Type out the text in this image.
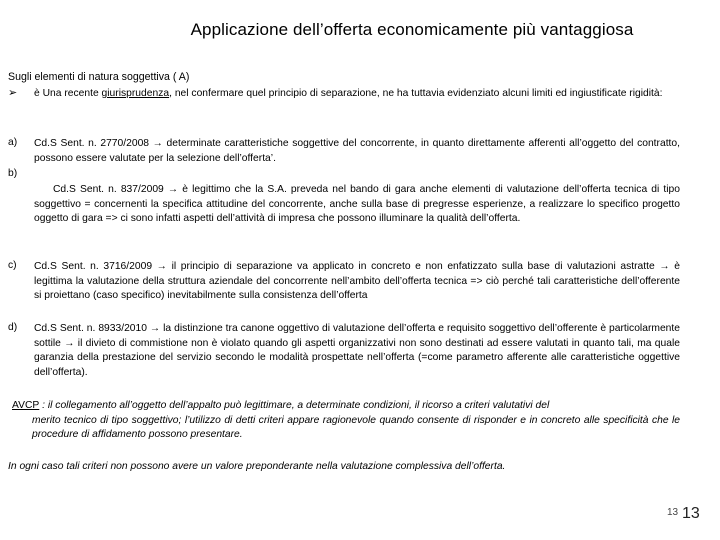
Applicazione dell’offerta economicamente più vantaggiosa
Sugli elementi di natura soggettiva ( A)
➢ è Una recente giurisprudenza, nel confermare quel principio di separazione, ne ha tuttavia evidenziato alcuni limiti ed ingiustificate rigidità:
a) Cd.S Sent. n. 2770/2008 → determinate caratteristiche soggettive del concorrente, in quanto direttamente afferenti all’oggetto del contratto, possono essere valutate per la selezione dell’offerta’.
b)
Cd.S Sent. n. 837/2009 → è legittimo che la S.A. preveda nel bando di gara anche elementi di valutazione dell’offerta tecnica di tipo soggettivo = concernenti la specifica attitudine del concorrente, anche sulla base di pregresse esperienze, a realizzare lo specifico progetto oggetto di gara => ci sono infatti aspetti dell’attività di impresa che possono illuminare la qualità dell’offerta.
c) Cd.S Sent. n. 3716/2009 → il principio di separazione va applicato in concreto e non enfatizzato sulla base di valutazioni astratte → è legittima la valutazione della struttura aziendale del concorrente nell’ambito dell’offerta tecnica => ciò perché tali caratteristiche dell’offerente si proiettano (caso specifico) inevitabilmente sulla consistenza dell’offerta
d) Cd.S Sent. n. 8933/2010 → la distinzione tra canone oggettivo di valutazione dell’offerta e requisito soggettivo dell’offerente è particolarmente sottile → il divieto di commistione non è violato quando gli aspetti organizzativi non sono destinati ad essere valutati in quanto tali, ma quale garanzia della prestazione del servizio secondo le modalità prospettate nell’offerta (=come parametro afferente alle caratteristiche oggettive dell’offerta).
AVCP : il collegamento all’oggetto dell’appalto può legittimare, a determinate condizioni, il ricorso a criteri valutativi del
merito tecnico di tipo soggettivo; l’utilizzo di detti criteri appare ragionevole quando consente di risponder e in concreto alle specificità che le procedure di affidamento possono presentare.
In ogni caso tali criteri non possono avere un valore preponderante nella valutazione complessiva dell’offerta.
13 13
